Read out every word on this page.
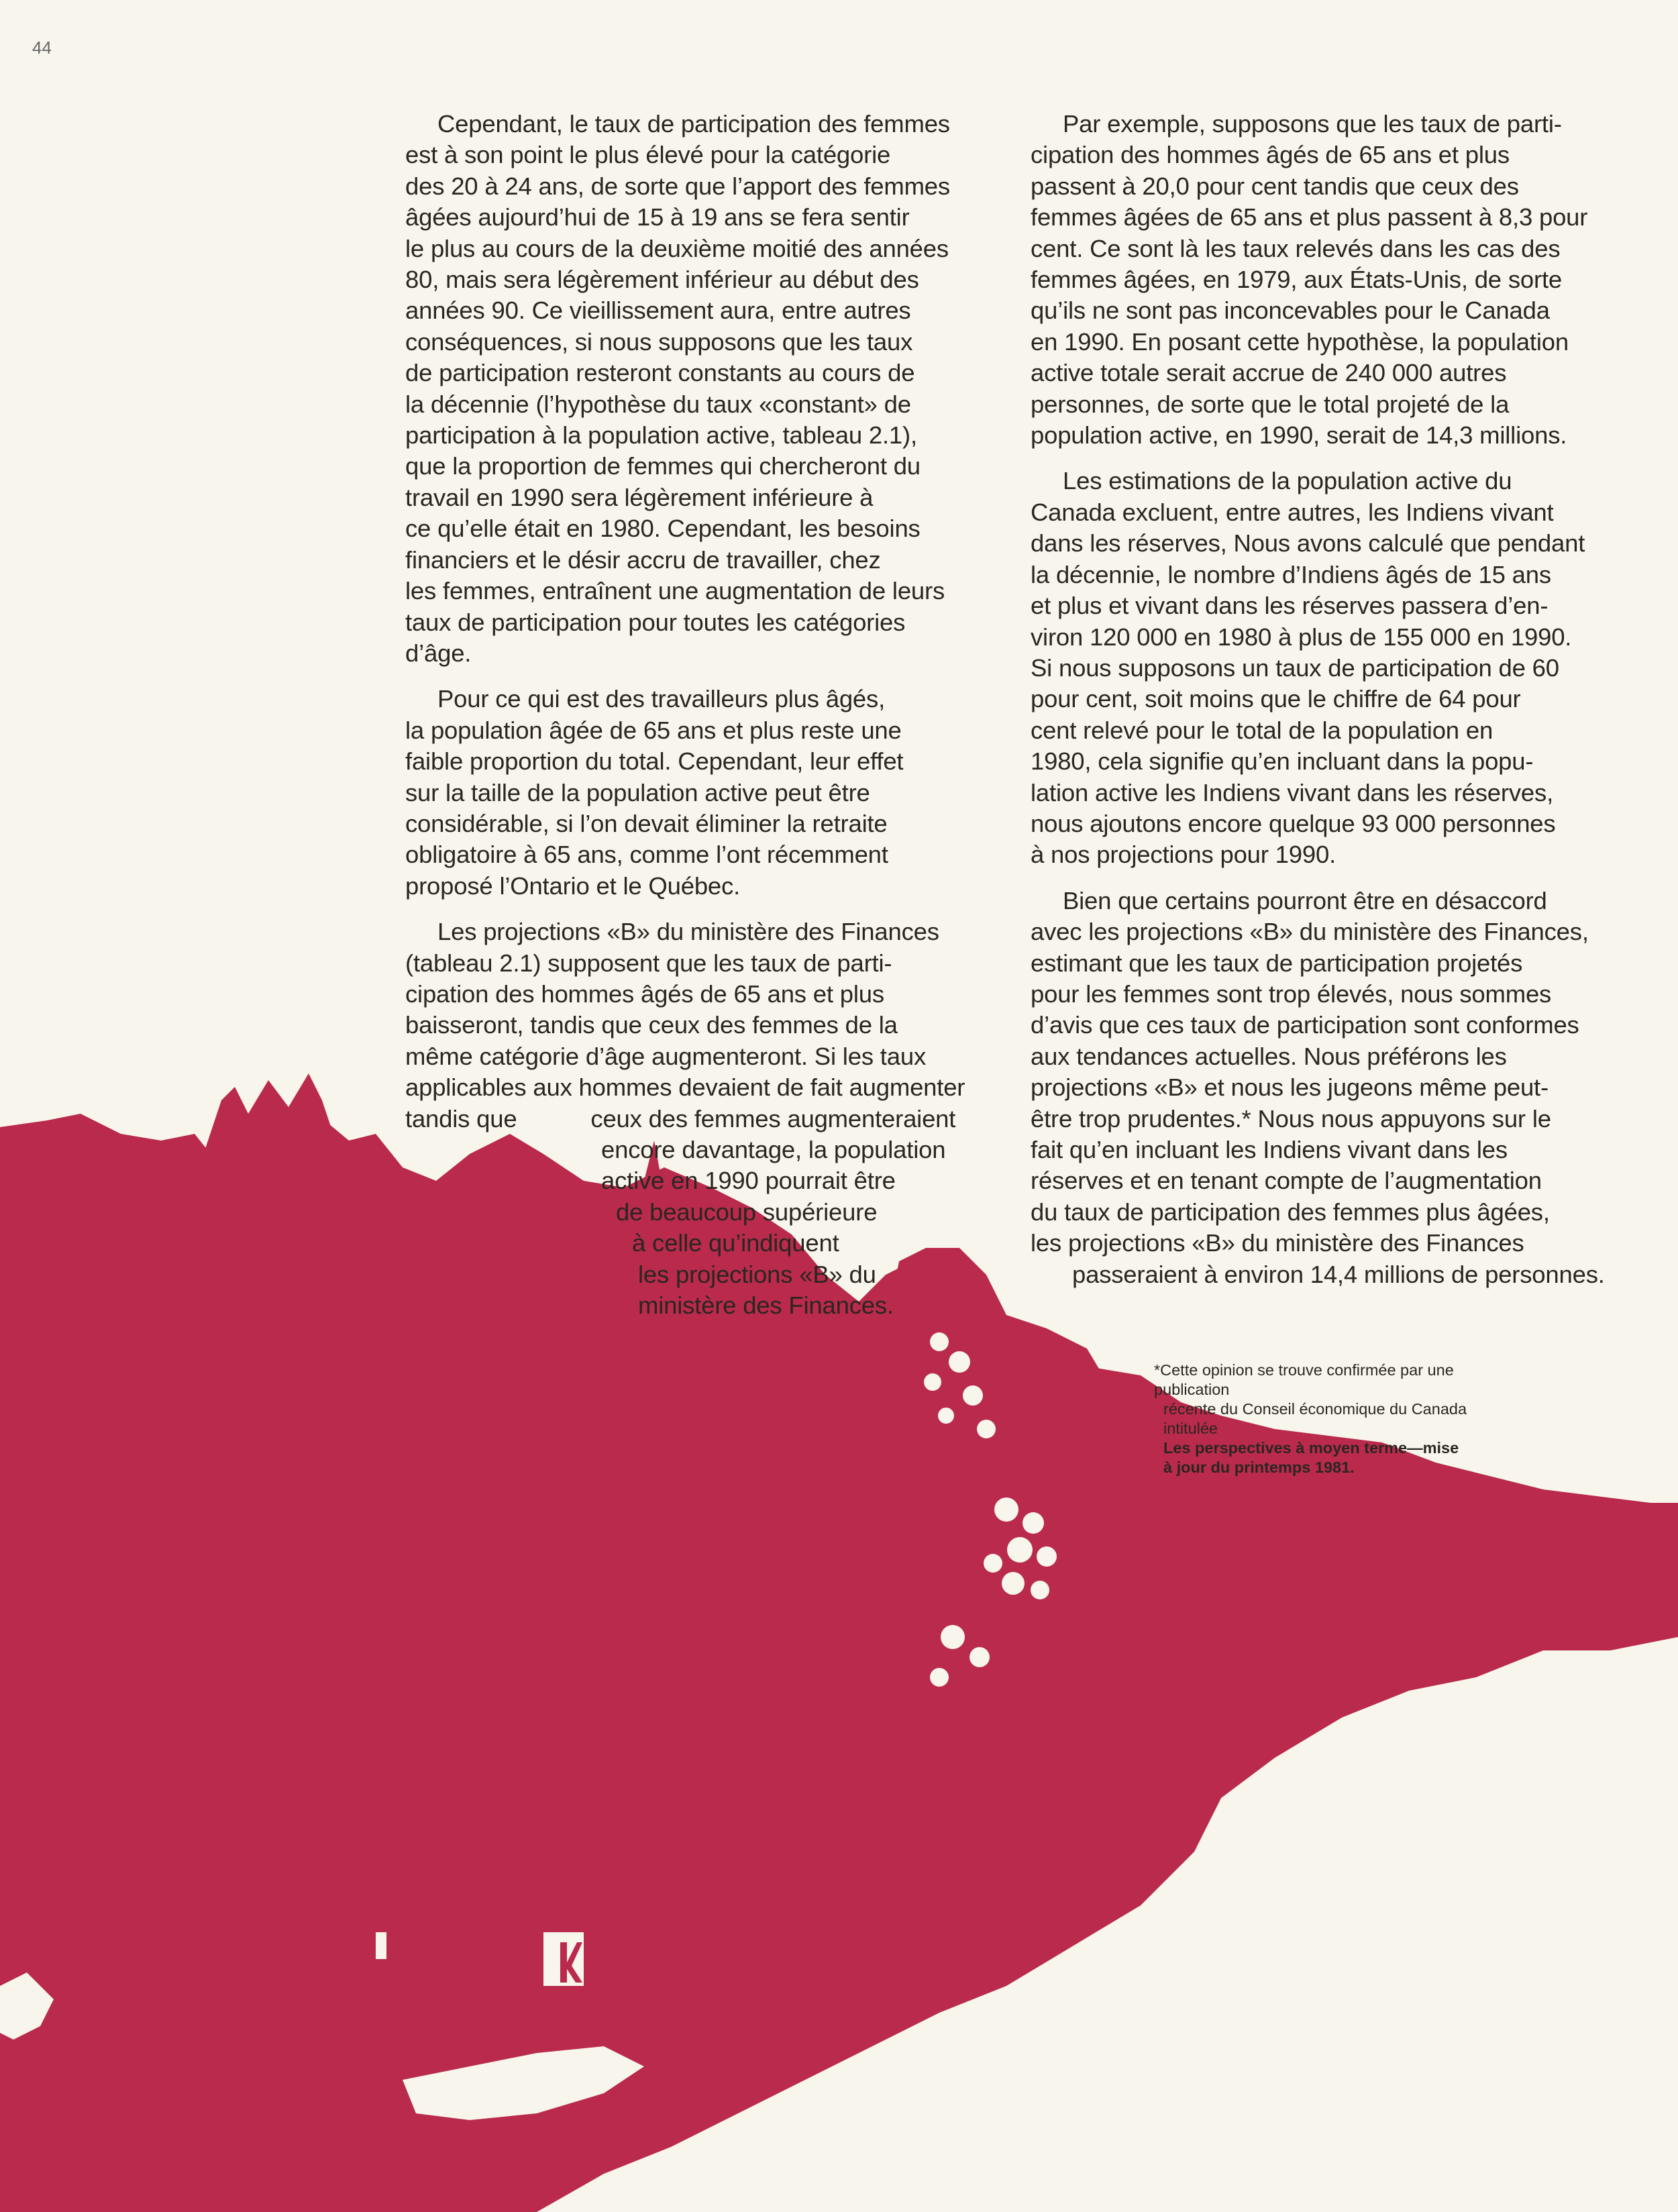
44

Cependant, le taux de participation des femmes
est à son point le plus élevé pour la catégorie
des 20 à 24 ans, de sorte que l’apport des femmes
âgées aujourd’hui de 15 à 19 ans se fera sentir
le plus au cours de la deuxième moitié des années
80, mais sera légèrement inférieur au début des
années 90. Ce vieillissement aura, entre autres
conséquences, si nous supposons que les taux
de participation resteront constants au cours de
la décennie (l’hypothèse du taux «constant» de
participation à la population active, tableau 2.1),
que la proportion de femmes qui chercheront du
travail en 1990 sera légèrement inférieure à
ce qu’elle était en 1980. Cependant, les besoins
financiers et le désir accru de travailler, chez
les femmes, entraînent une augmentation de leurs
taux de participation pour toutes les catégories
d’âge.

Pour ce qui est des travailleurs plus âgés,
la population âgée de 65 ans et plus reste une
faible proportion du total. Cependant, leur effet
sur la taille de la population active peut être
considérable, si l’on devait éliminer la retraite
obligatoire à 65 ans, comme l’ont récemment
proposé l’Ontario et le Québec.

Les projections «B» du ministère des Finances
(tableau 2.1) supposent que les taux de parti-
cipation des hommes âgés de 65 ans et plus
baisseront, tandis que ceux des femmes de la
même catégorie d’âge augmenteront. Si les taux
applicables aux hommes devaient de fait augmenter

tandis que	ceux des femmes augmenteraient
encore davantage, la population
active en 1990 pourrait être
de beaucoup supérieure
à celle qu’indiquent
les projections «B» du
ministère des Finances.

Par exemple, supposons que les taux de parti-
cipation des hommes âgés de 65 ans et plus
passent à 20,0 pour cent tandis que ceux des
femmes âgées de 65 ans et plus passent à 8,3 pour
cent. Ce sont là les taux relevés dans les cas des
femmes âgées, en 1979, aux États-Unis, de sorte
qu’ils ne sont pas inconcevables pour le Canada
en 1990. En posant cette hypothèse, la population
active totale serait accrue de 240 000 autres
personnes, de sorte que le total projeté de la
population active, en 1990, serait de 14,3 millions.

Les estimations de la population active du
Canada excluent, entre autres, les Indiens vivant
dans les réserves, Nous avons calculé que pendant
la décennie, le nombre d’Indiens âgés de 15 ans
et plus et vivant dans les réserves passera d’en-
viron 120 000 en 1980 à plus de 155 000 en 1990.
Si nous supposons un taux de participation de 60
pour cent, soit moins que le chiffre de 64 pour
cent relevé pour le total de la population en
1980, cela signifie qu’en incluant dans la popu-
lation active les Indiens vivant dans les réserves,
nous ajoutons encore quelque 93 000 personnes
à nos projections pour 1990.

Bien que certains pourront être en désaccord
avec les projections «B» du ministère des Finances,
estimant que les taux de participation projetés
pour les femmes sont trop élevés, nous sommes
d’avis que ces taux de participation sont conformes
aux tendances actuelles. Nous préférons les
projections «B» et nous les jugeons même peut-
être trop prudentes.* Nous nous appuyons sur le
fait qu’en incluant les Indiens vivant dans les
réserves et en tenant compte de l’augmentation
du taux de participation des femmes plus âgées,
les projections «B» du ministère des Finances

passeraient à environ 14,4 millions de personnes.
*Cette opinion se trouve confirmée par une publication
récente du Conseil économique du Canada intitulée
Les perspectives à moyen terme—mise
à jour du printemps 1981.
